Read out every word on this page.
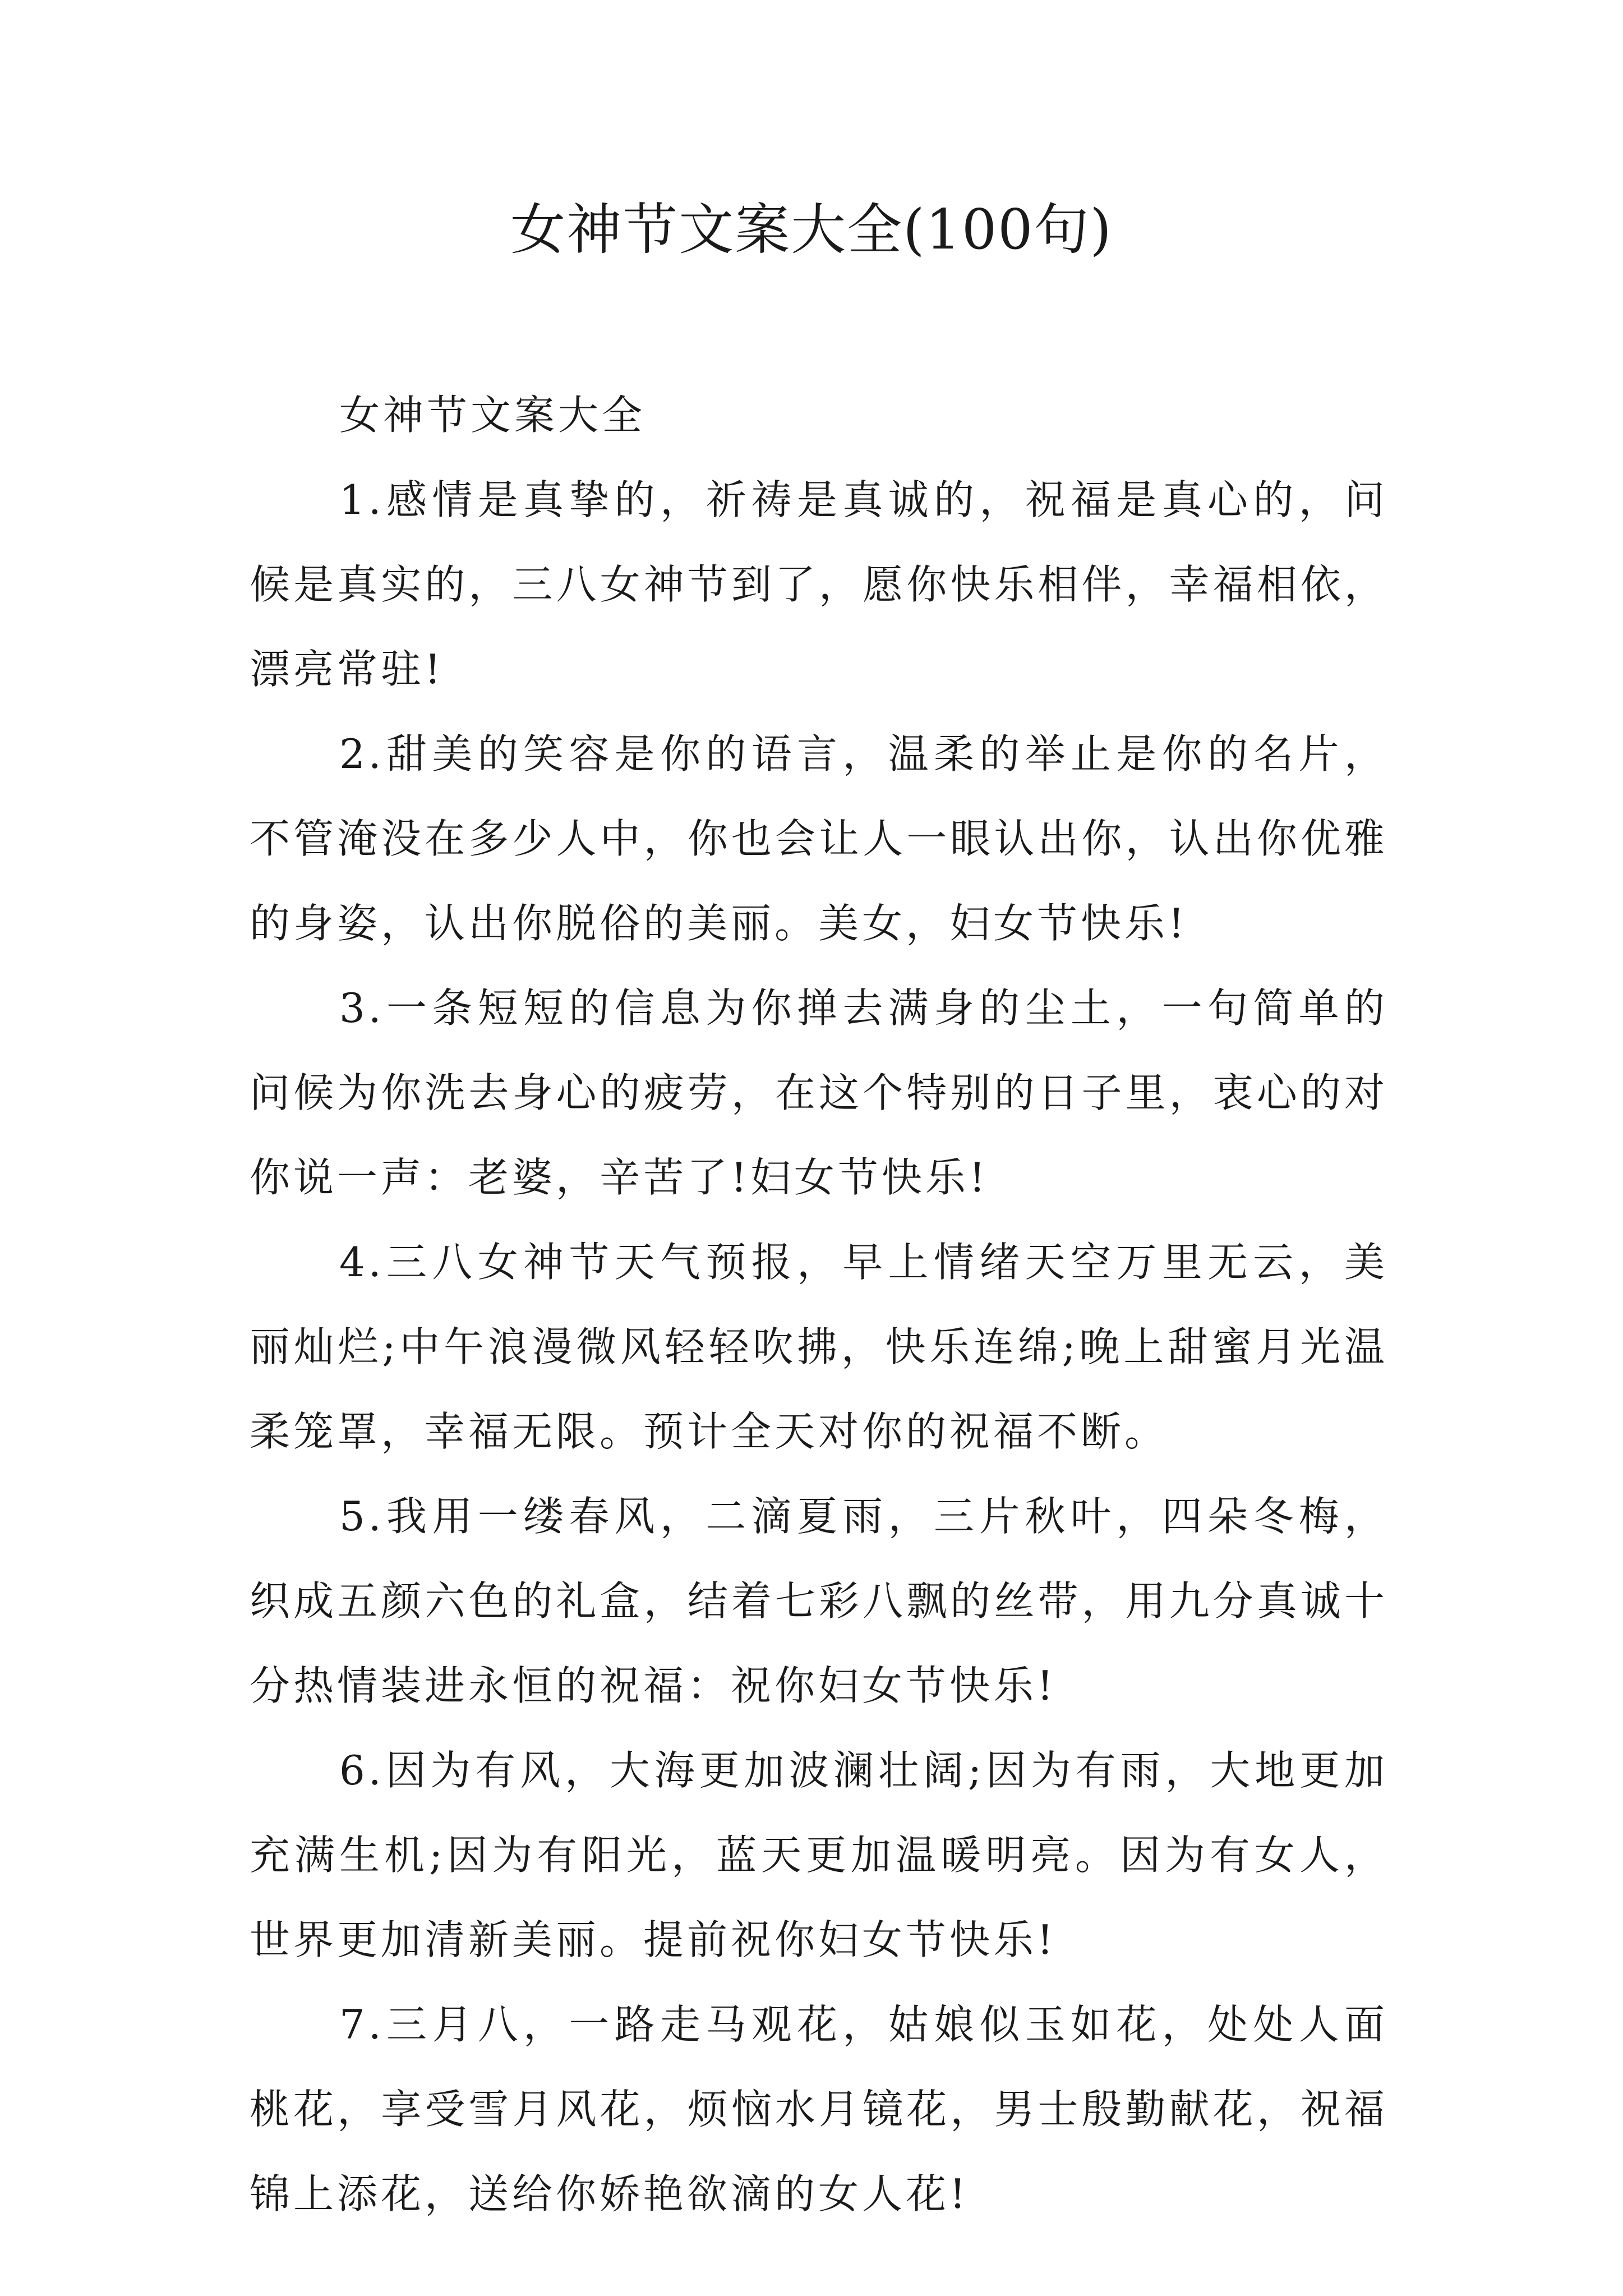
女神节文案大全(100句)

女神节文案大全

1.感情是真挚的，祈祷是真诚的，祝福是真心的，问候是真实的，三八女神节到了，愿你快乐相伴，幸福相依，漂亮常驻!

2.甜美的笑容是你的语言，温柔的举止是你的名片，不管淹没在多少人中，你也会让人一眼认出你，认出你优雅的身姿，认出你脱俗的美丽。美女，妇女节快乐!

3.一条短短的信息为你掸去满身的尘土，一句简单的问候为你洗去身心的疲劳，在这个特别的日子里，衷心的对你说一声：老婆，辛苦了!妇女节快乐!

4.三八女神节天气预报，早上情绪天空万里无云，美丽灿烂;中午浪漫微风轻轻吹拂，快乐连绵;晚上甜蜜月光温柔笼罩，幸福无限。预计全天对你的祝福不断。

5.我用一缕春风，二滴夏雨，三片秋叶，四朵冬梅，织成五颜六色的礼盒，结着七彩八飘的丝带，用九分真诚十分热情装进永恒的祝福：祝你妇女节快乐!

6.因为有风，大海更加波澜壮阔;因为有雨，大地更加充满生机;因为有阳光，蓝天更加温暖明亮。因为有女人，世界更加清新美丽。提前祝你妇女节快乐!

7.三月八，一路走马观花，姑娘似玉如花，处处人面桃花，享受雪月风花，烦恼水月镜花，男士殷勤献花，祝福锦上添花，送给你娇艳欲滴的女人花!
